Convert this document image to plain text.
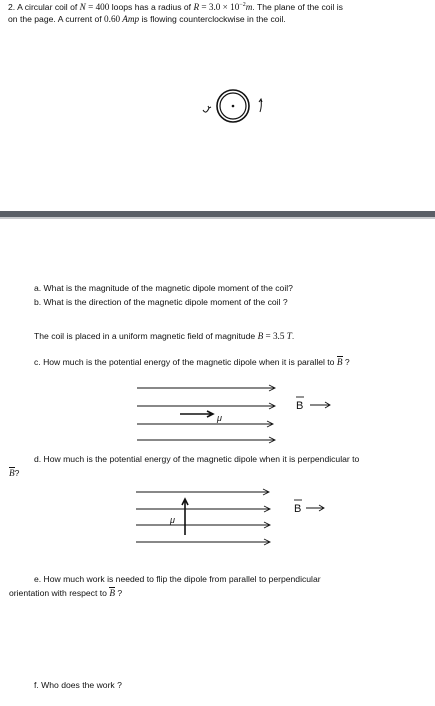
2. A circular coil of N = 400 loops has a radius of $R = 3.0 \times 10^{-2}m$. The plane of the coil is
on the page. A current of 0.60 Amp is flowing counterclockwise in the coil.
a. What is the magnitude of the magnetic dipole moment of the coil?
b. What is the direction of the magnetic dipole moment of the coil ?
The coil is placed in a uniform magnetic field of magnitude B = 3.5 T.
c. How much is the potential energy of the magnetic dipole when it is parallel to B ?
μ
B
d. How much is the potential energy of the magnetic dipole when it is perpendicular to
B?
μ
B
e. How much work is needed to flip the dipole from parallel to perpendicular
orientation with respect to B ?
f. Who does the work ?
